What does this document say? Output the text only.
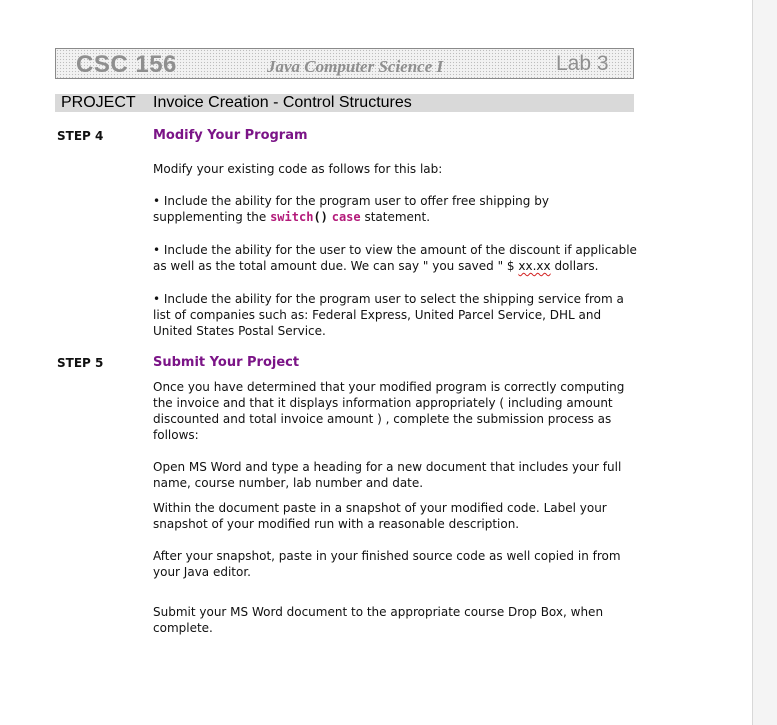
CSC 156	Java Computer Science I	Lab 3
PROJECT Invoice Creation - Control Structures
STEP 4	Modify Your Program

Modify your existing code as follows for this lab:

• Include the ability for the program user to offer free shipping by supplementing the switch() case statement.

• Include the ability for the user to view the amount of the discount if applicable as well as the total amount due. We can say " you saved " $ xx.xx dollars.

• Include the ability for the program user to select the shipping service from a list of companies such as: Federal Express, United Parcel Service, DHL and United States Postal Service.

STEP 5	Submit Your Project

Once you have determined that your modified program is correctly computing the invoice and that it displays information appropriately ( including amount discounted and total invoice amount ) , complete the submission process as follows:

Open MS Word and type a heading for a new document that includes your full name, course number, lab number and date.

Within the document paste in a snapshot of your modified code. Label your snapshot of your modified run with a reasonable description.

After your snapshot, paste in your finished source code as well copied in from your Java editor.

Submit your MS Word document to the appropriate course Drop Box, when complete.
